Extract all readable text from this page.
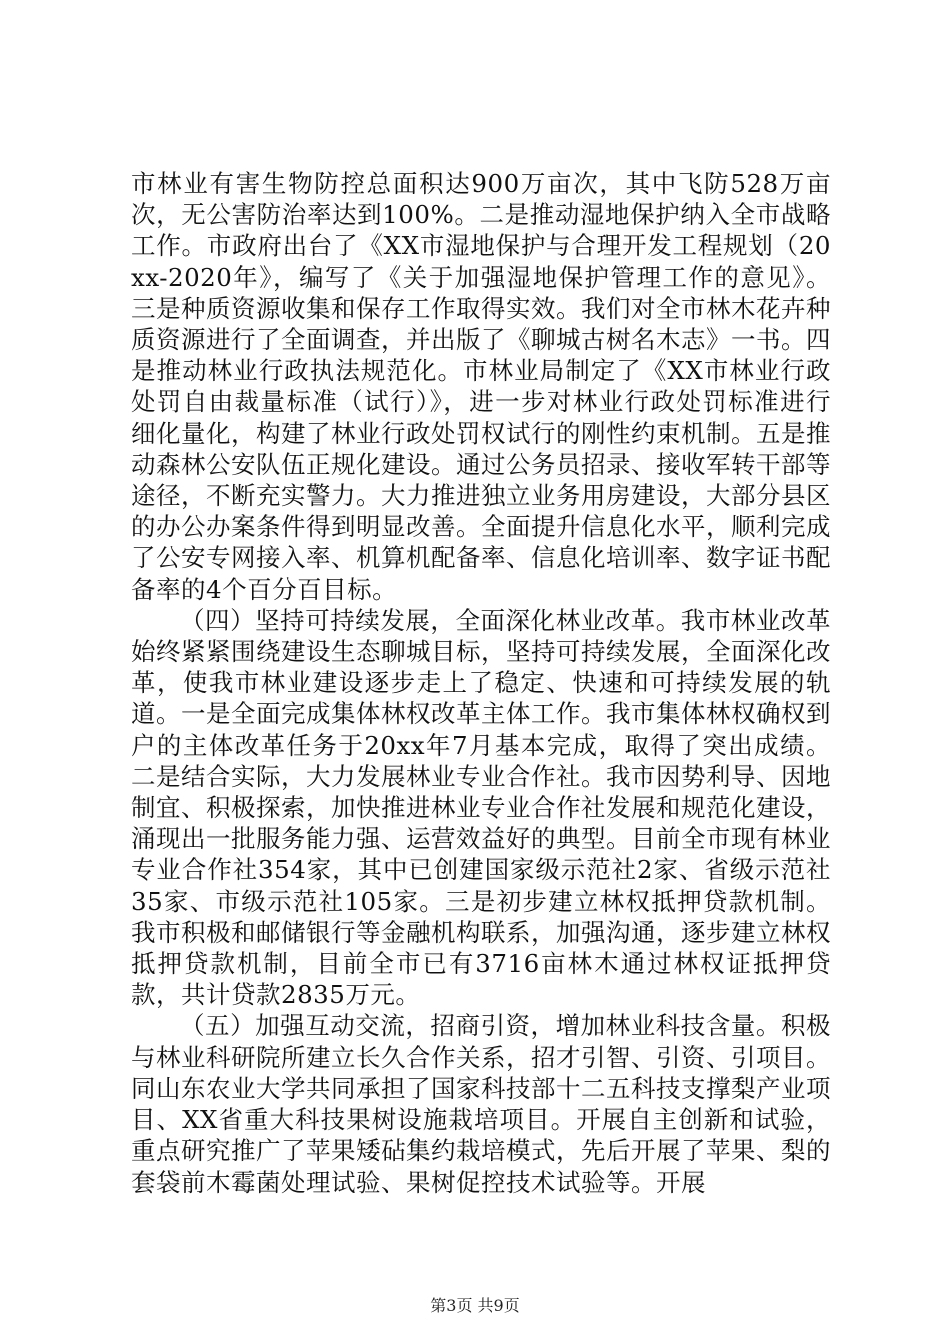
市林业有害生物防控总面积达900万亩次，其中飞防528万亩次，无公害防治率达到100%。二是推动湿地保护纳入全市战略工作。市政府出台了《XX市湿地保护与合理开发工程规划（20xx-2020年》，编写了《关于加强湿地保护管理工作的意见》。三是种质资源收集和保存工作取得实效。我们对全市林木花卉种质资源进行了全面调查，并出版了《聊城古树名木志》一书。四是推动林业行政执法规范化。市林业局制定了《XX市林业行政处罚自由裁量标准（试行）》，进一步对林业行政处罚标准进行细化量化，构建了林业行政处罚权试行的刚性约束机制。五是推动森林公安队伍正规化建设。通过公务员招录、接收军转干部等途径，不断充实警力。大力推进独立业务用房建设，大部分县区的办公办案条件得到明显改善。全面提升信息化水平，顺利完成了公安专网接入率、机算机配备率、信息化培训率、数字证书配备率的4个百分百目标。

（四）坚持可持续发展，全面深化林业改革。我市林业改革始终紧紧围绕建设生态聊城目标，坚持可持续发展，全面深化改革，使我市林业建设逐步走上了稳定、快速和可持续发展的轨道。一是全面完成集体林权改革主体工作。我市集体林权确权到户的主体改革任务于20xx年7月基本完成，取得了突出成绩。二是结合实际，大力发展林业专业合作社。我市因势利导、因地制宜、积极探索，加快推进林业专业合作社发展和规范化建设，涌现出一批服务能力强、运营效益好的典型。目前全市现有林业专业合作社354家，其中已创建国家级示范社2家、省级示范社35家、市级示范社105家。三是初步建立林权抵押贷款机制。我市积极和邮储银行等金融机构联系，加强沟通，逐步建立林权抵押贷款机制，目前全市已有3716亩林木通过林权证抵押贷款，共计贷款2835万元。

（五）加强互动交流，招商引资，增加林业科技含量。积极与林业科研院所建立长久合作关系，招才引智、引资、引项目。同山东农业大学共同承担了国家科技部十二五科技支撑梨产业项目、XX省重大科技果树设施栽培项目。开展自主创新和试验，重点研究推广了苹果矮砧集约栽培模式，先后开展了苹果、梨的套袋前木霉菌处理试验、果树促控技术试验等。开展

第3页 共9页
